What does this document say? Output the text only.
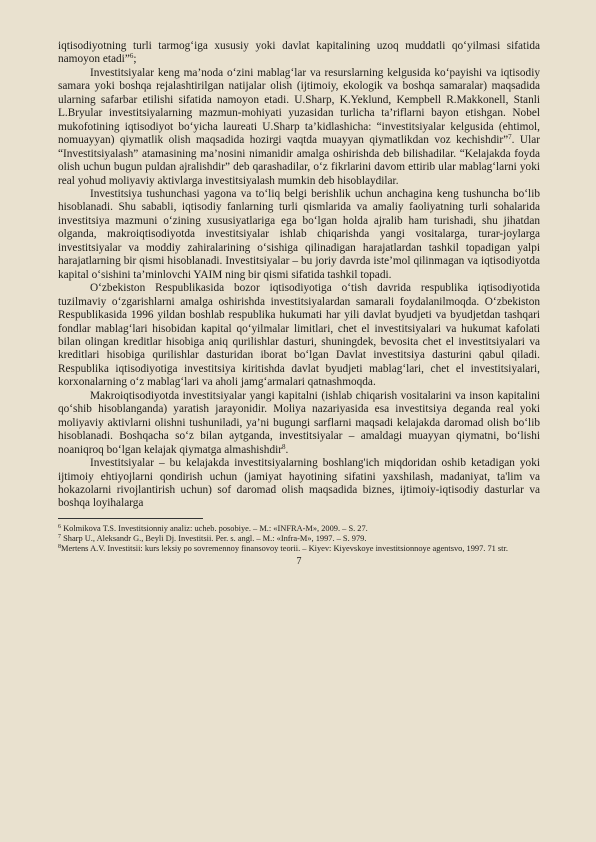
iqtisodiyotning turli tarmog‘iga xususiy yoki davlat kapitalining uzoq muddatli qo‘yilmasi sifatida namoyon etadi”$^6$;

Investitsiyalar keng ma’noda o‘zini mablag‘lar va resurslarning kelgusida ko‘payishi va iqtisodiy samara yoki boshqa rejalashtirilgan natijalar olish (ijtimoiy, ekologik va boshqa samaralar) maqsadida ularning safarbar etilishi sifatida namoyon etadi. U.Sharp, K.Yeklund, Kempbell R.Makkonell, Stanli L.Bryular investitsiyalarning mazmun-mohiyati yuzasidan turlicha ta’riflarni bayon etishgan. Nobel mukofotining iqtisodiyot bo‘yicha laureati U.Sharp ta’kidlashicha: “investitsiyalar kelgusida (ehtimol, nomuayyan) qiymatlik olish maqsadida hozirgi vaqtda muayyan qiymatlikdan voz kechishdir”$^7$. Ular “Investitsiyalash” atamasining ma’nosini nimanidir amalga oshirishda deb bilishadilar. “Kelajakda foyda olish uchun bugun puldan ajralishdir” deb qarashadilar, o‘z fikrlarini davom ettirib ular mablag‘larni yoki real yohud moliyaviy aktivlarga investitsiyalash mumkin deb hisoblaydilar.

Investitsiya tushunchasi yagona va to‘liq belgi berishlik uchun anchagina keng tushuncha bo‘lib hisoblanadi. Shu sababli, iqtisodiy fanlarning turli qismlarida va amaliy faoliyatning turli sohalarida investitsiya mazmuni o‘zining xususiyatlariga ega bo‘lgan holda ajralib ham turishadi, shu jihatdan olganda, makroiqtisodiyotda investitsiyalar ishlab chiqarishda yangi vositalarga, turar-joylarga investitsiyalar va moddiy zahiralarining o‘sishiga qilinadigan harajatlardan tashkil topadigan yalpi harajatlarning bir qismi hisoblanadi. Investitsiyalar – bu joriy davrda iste’mol qilinmagan va iqtisodiyotda kapital o‘sishini ta’minlovchi YAIM ning bir qismi sifatida tashkil topadi.

O‘zbekiston Respublikasida bozor iqtisodiyotiga o‘tish davrida respublika iqtisodiyotida tuzilmaviy o‘zgarishlarni amalga oshirishda investitsiyalardan samarali foydalanilmoqda. O‘zbekiston Respublikasida 1996 yildan boshlab respublika hukumati har yili davlat byudjeti va byudjetdan tashqari fondlar mablag‘lari hisobidan kapital qo‘yilmalar limitlari, chet el investitsiyalari va hukumat kafolati bilan olingan kreditlar hisobiga aniq qurilishlar dasturi, shuningdek, bevosita chet el investitsiyalari va kreditlari hisobiga qurilishlar dasturidan iborat bo‘lgan Davlat investitsiya dasturini qabul qiladi. Respublika iqtisodiyotiga investitsiya kiritishda davlat byudjeti mablag‘lari, chet el investitsiyalari, korxonalarning o‘z mablag‘lari va aholi jamg‘armalari qatnashmoqda.

Makroiqtisodiyotda investitsiyalar yangi kapitalni (ishlab chiqarish vositalarini va inson kapitalini qo‘shib hisoblanganda) yaratish jarayonidir. Moliya nazariyasida esa investitsiya deganda real yoki moliyaviy aktivlarni olishni tushuniladi, ya’ni bugungi sarflarni maqsadi kelajakda daromad olish bo‘lib hisoblanadi. Boshqacha so‘z bilan aytganda, investitsiyalar – amaldagi muayyan qiymatni, bo‘lishi noaniqroq bo‘lgan kelajak qiymatga almashishdir$^8$.

Investitsiyalar – bu kelajakda investitsiyalarning boshlang'ich miqdoridan oshib ketadigan yoki ijtimoiy ehtiyojlarni qondirish uchun (jamiyat hayotining sifatini yaxshilash, madaniyat, ta'lim va hokazolarni rivojlantirish uchun) sof daromad olish maqsadida biznes, ijtimoiy-iqtisodiy dasturlar va boshqa loyihalarga

$^6$ Kolmikova T.S. Investitsionniy analiz: ucheb. posobiye. – M.: «INFRA-M», 2009. – S. 27.

$^7$ Sharp U., Aleksandr G., Beyli Dj. Investitsii. Per. s. angl. – M.: «Infra-M», 1997. – S. 979.

$^8$Mertens A.V. Investitsii: kurs leksiy po sovremennoy finansovoy teorii. – Kiyev: Kiyevskoye investitsionnoye agentsvo, 1997. 71 str.

7
